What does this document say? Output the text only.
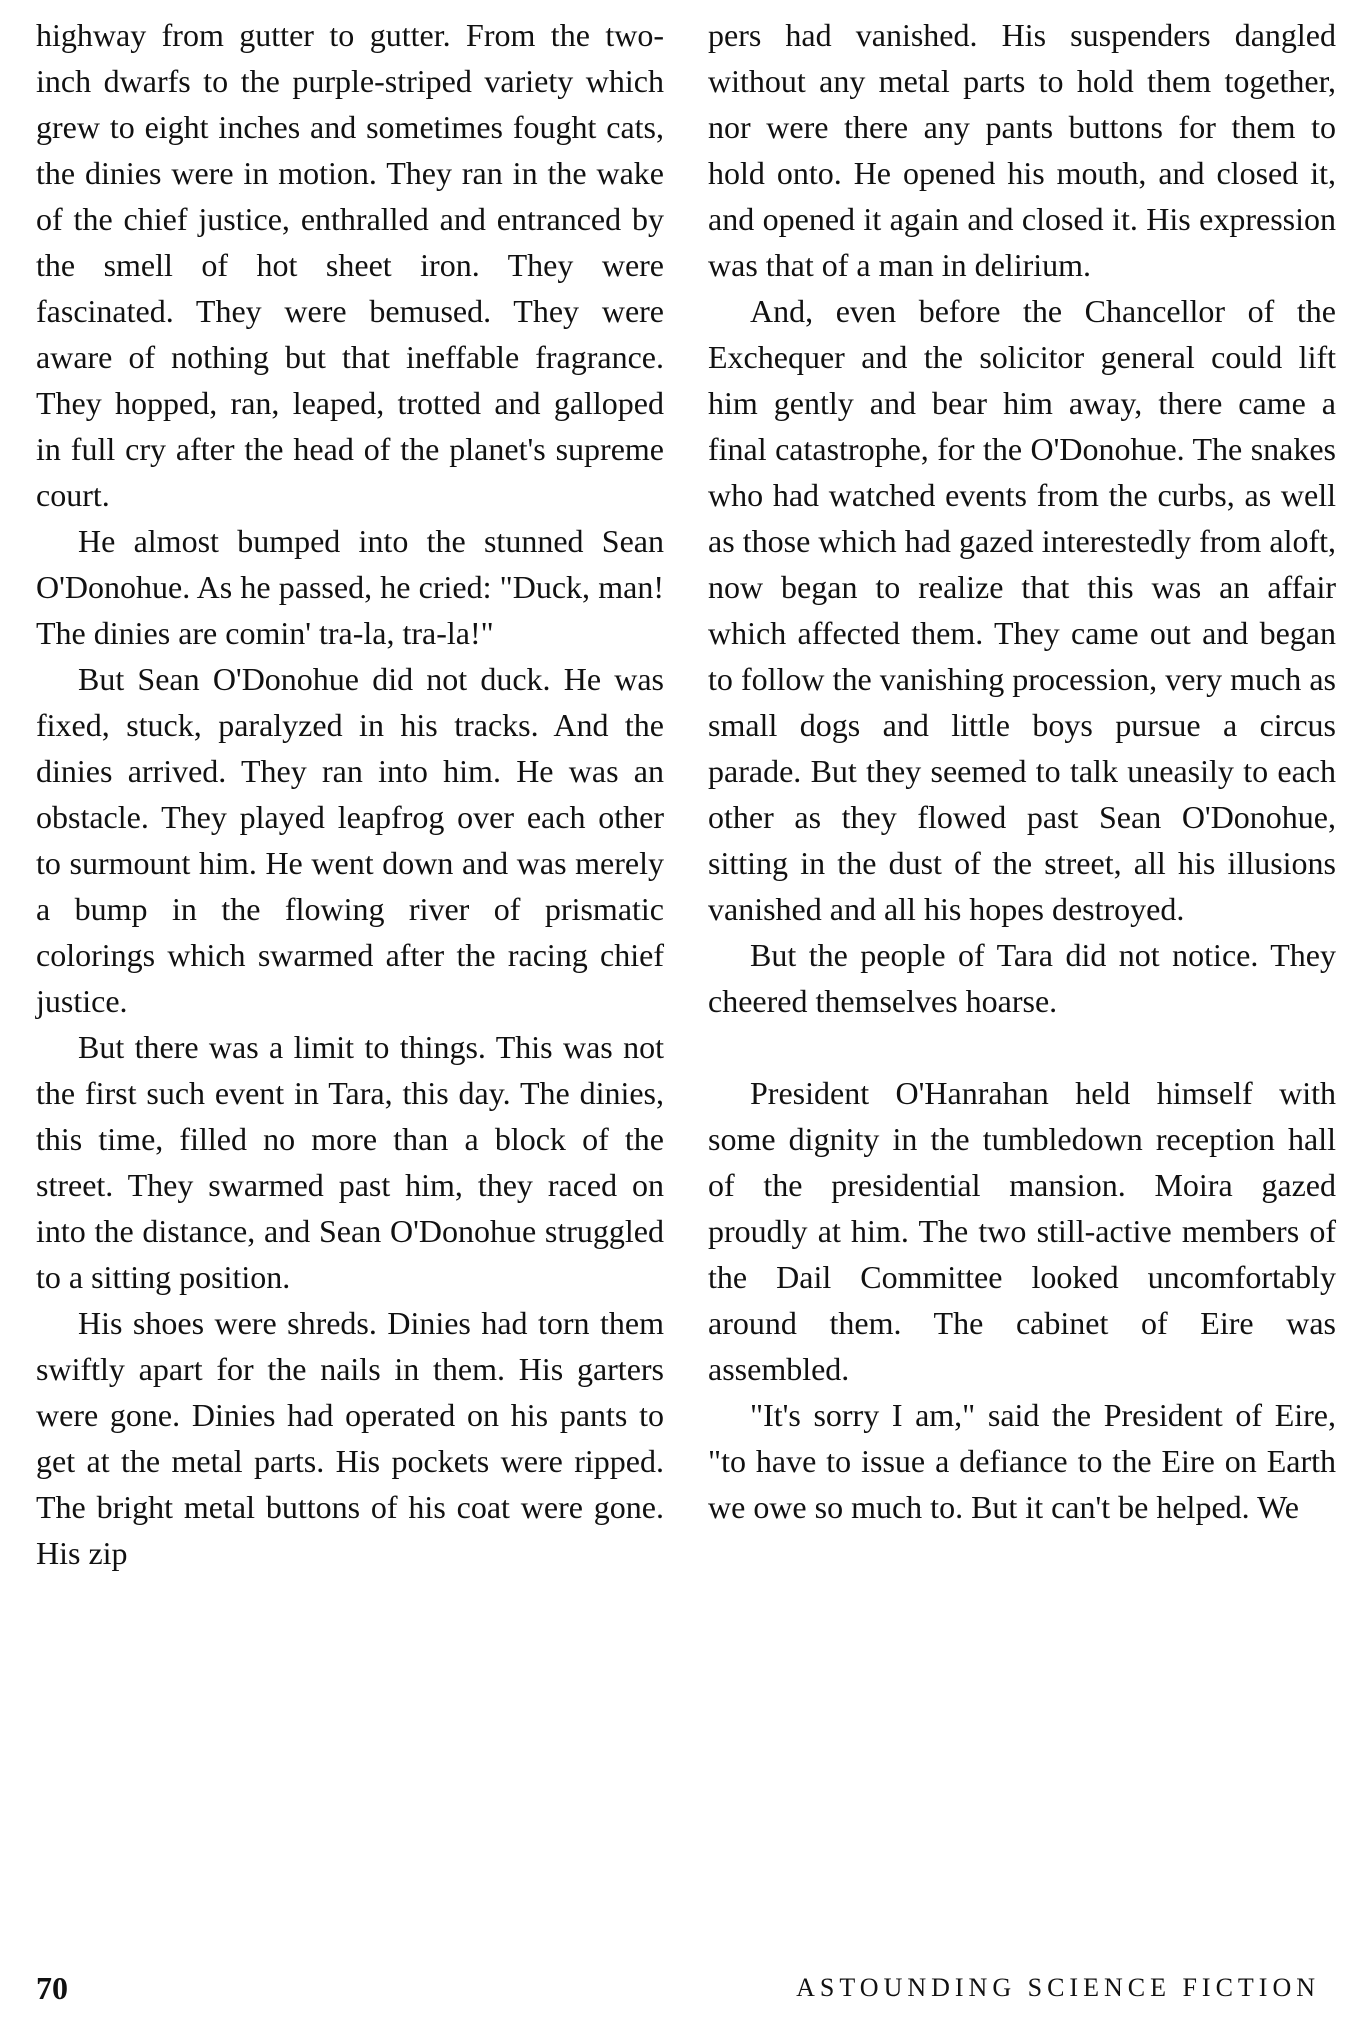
highway from gutter to gutter. From the two-inch dwarfs to the purple-striped variety which grew to eight inches and sometimes fought cats, the dinies were in motion. They ran in the wake of the chief justice, enthralled and entranced by the smell of hot sheet iron. They were fascinated. They were bemused. They were aware of nothing but that ineffable fragrance. They hopped, ran, leaped, trotted and galloped in full cry after the head of the planet's supreme court.

He almost bumped into the stunned Sean O'Donohue. As he passed, he cried: "Duck, man! The dinies are comin' tra-la, tra-la!"

But Sean O'Donohue did not duck. He was fixed, stuck, paralyzed in his tracks. And the dinies arrived. They ran into him. He was an obstacle. They played leapfrog over each other to surmount him. He went down and was merely a bump in the flowing river of prismatic colorings which swarmed after the racing chief justice.

But there was a limit to things. This was not the first such event in Tara, this day. The dinies, this time, filled no more than a block of the street. They swarmed past him, they raced on into the distance, and Sean O'Donohue struggled to a sitting position.

His shoes were shreds. Dinies had torn them swiftly apart for the nails in them. His garters were gone. Dinies had operated on his pants to get at the metal parts. His pockets were ripped. The bright metal buttons of his coat were gone. His zip

pers had vanished. His suspenders dangled without any metal parts to hold them together, nor were there any pants buttons for them to hold onto. He opened his mouth, and closed it, and opened it again and closed it. His expression was that of a man in delirium.

And, even before the Chancellor of the Exchequer and the solicitor general could lift him gently and bear him away, there came a final catastrophe, for the O'Donohue. The snakes who had watched events from the curbs, as well as those which had gazed interestedly from aloft, now began to realize that this was an affair which affected them. They came out and began to follow the vanishing procession, very much as small dogs and little boys pursue a circus parade. But they seemed to talk uneasily to each other as they flowed past Sean O'Donohue, sitting in the dust of the street, all his illusions vanished and all his hopes destroyed.

But the people of Tara did not notice. They cheered themselves hoarse.

President O'Hanrahan held himself with some dignity in the tumbledown reception hall of the presidential mansion. Moira gazed proudly at him. The two still-active members of the Dail Committee looked uncomfortably around them. The cabinet of Eire was assembled.

"It's sorry I am," said the President of Eire, "to have to issue a defiance to the Eire on Earth we owe so much to. But it can't be helped. We

70	ASTOUNDING SCIENCE FICTION
